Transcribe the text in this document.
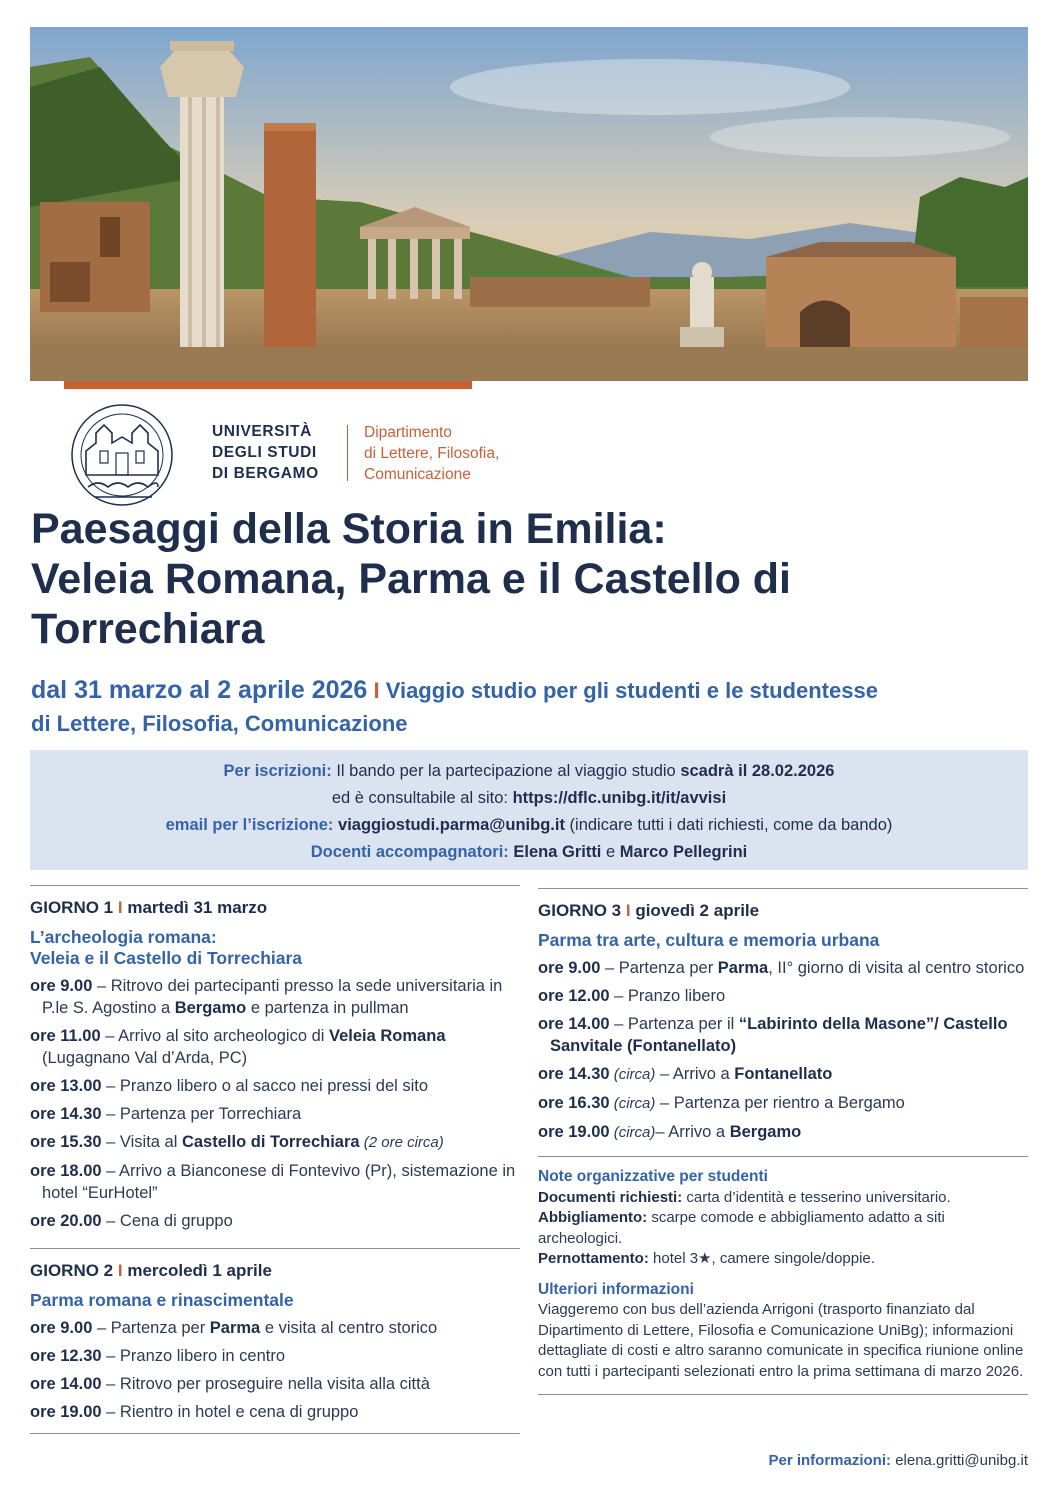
UNIVERSITÀ
DEGLI STUDI
DI BERGAMO
Dipartimento
di Lettere, Filosofia,
Comunicazione
Paesaggi della Storia in Emilia:
Veleia Romana, Parma e il Castello di
Torrechiara
dal 31 marzo al 2 aprile 2026 I Viaggio studio per gli studenti e le studentesse
di Lettere, Filosofia, Comunicazione
Per iscrizioni: Il bando per la partecipazione al viaggio studio scadrà il 28.02.2026
ed è consultabile al sito: https://dflc.unibg.it/it/avvisi
email per l’iscrizione: viaggiostudi.parma@unibg.it (indicare tutti i dati richiesti, come da bando)
Docenti accompagnatori: Elena Gritti e Marco Pellegrini
GIORNO 1 I martedì 31 marzo
L’archeologia romana:
Veleia e il Castello di Torrechiara
ore 9.00 – Ritrovo dei partecipanti presso la sede universitaria in P.le S. Agostino a Bergamo e partenza in pullman
ore 11.00 – Arrivo al sito archeologico di Veleia Romana (Lugagnano Val d’Arda, PC)
ore 13.00 – Pranzo libero o al sacco nei pressi del sito
ore 14.30 – Partenza per Torrechiara
ore 15.30 – Visita al Castello di Torrechiara (2 ore circa)
ore 18.00 – Arrivo a Bianconese di Fontevivo (Pr), sistemazione in hotel “EurHotel”
ore 20.00 – Cena di gruppo
GIORNO 2 I mercoledì 1 aprile
Parma romana e rinascimentale
ore 9.00 – Partenza per Parma e visita al centro storico
ore 12.30 – Pranzo libero in centro
ore 14.00 – Ritrovo per proseguire nella visita alla città
ore 19.00 – Rientro in hotel e cena di gruppo
GIORNO 3 I giovedì 2 aprile
Parma tra arte, cultura e memoria urbana
ore 9.00 – Partenza per Parma, II° giorno di visita al centro storico
ore 12.00 – Pranzo libero
ore 14.00 – Partenza per il “Labirinto della Masone”/ Castello Sanvitale (Fontanellato)
ore 14.30 (circa) – Arrivo a Fontanellato
ore 16.30 (circa) – Partenza per rientro a Bergamo
ore 19.00 (circa)– Arrivo a Bergamo
Note organizzative per studenti
Documenti richiesti: carta d’identità e tesserino universitario.
Abbigliamento: scarpe comode e abbigliamento adatto a siti archeologici.
Pernottamento: hotel 3★, camere singole/doppie.
Ulteriori informazioni
Viaggeremo con bus dell’azienda Arrigoni (trasporto finanziato dal Dipartimento di Lettere, Filosofia e Comunicazione UniBg); informazioni dettagliate di costi e altro saranno comunicate in specifica riunione online con tutti i partecipanti selezionati entro la prima settimana di marzo 2026.
Per informazioni: elena.gritti@unibg.it
